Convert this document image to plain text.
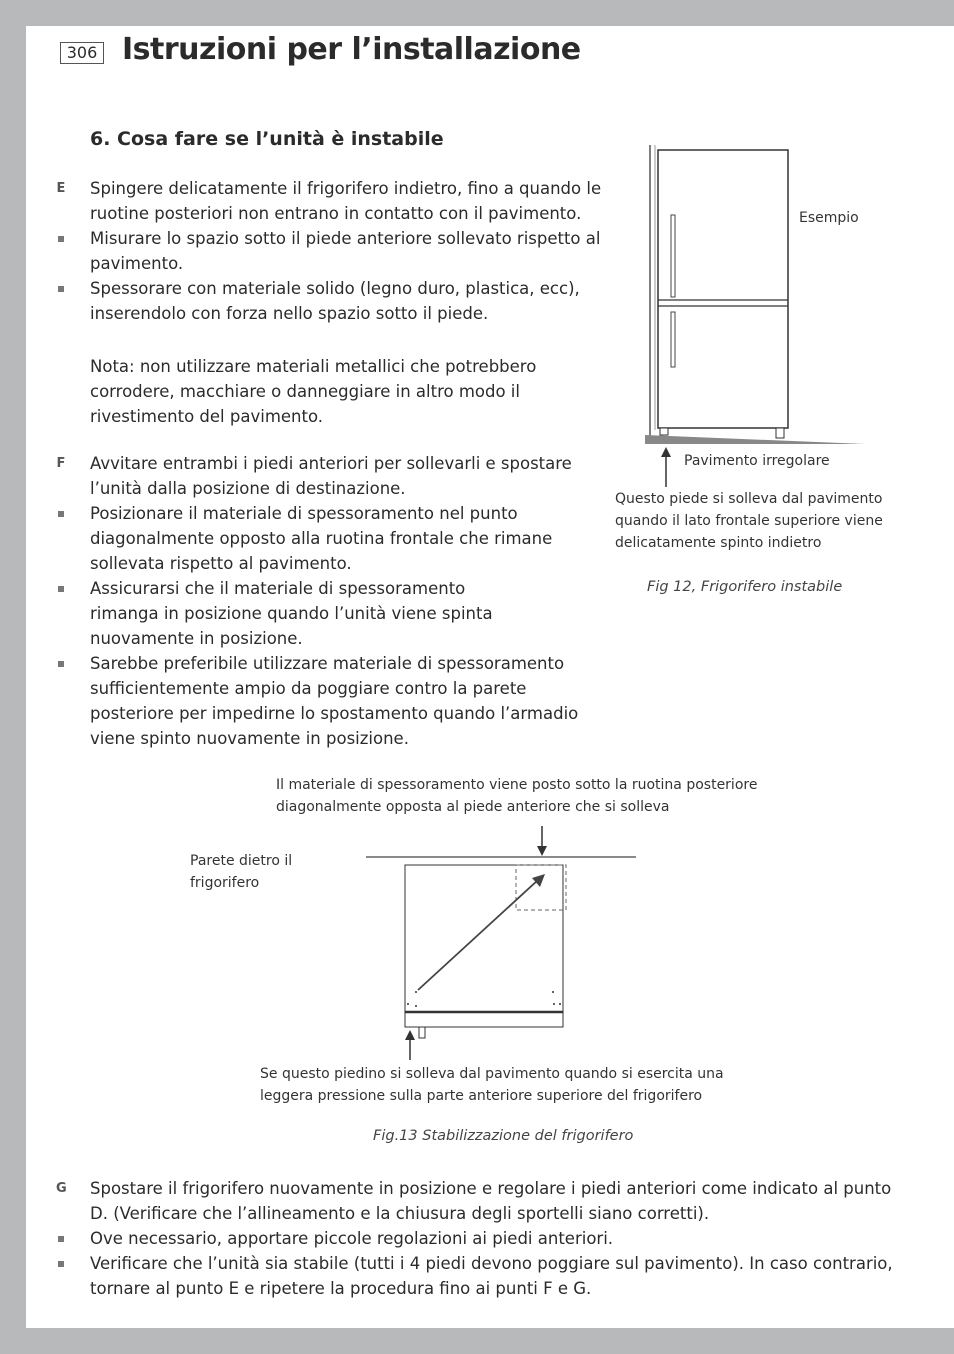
306 Istruzioni per l’installazione
6. Cosa fare se l’unità è instabile
E Spingere delicatamente il frigorifero indietro, fino a quando le ruotine posteriori non entrano in contatto con il pavimento.
Misurare lo spazio sotto il piede anteriore sollevato rispetto al pavimento.
Spessorare con materiale solido (legno duro, plastica, ecc), inserendolo con forza nello spazio sotto il piede.
Nota: non utilizzare materiali metallici che potrebbero corrodere, macchiare o danneggiare in altro modo il rivestimento del pavimento.
F Avvitare entrambi i piedi anteriori per sollevarli e spostare l’unità dalla posizione di destinazione.
Posizionare il materiale di spessoramento nel punto diagonalmente opposto alla ruotina frontale che rimane sollevata rispetto al pavimento.
Assicurarsi che il materiale di spessoramento rimanga in posizione quando l’unità viene spinta nuovamente in posizione.
Sarebbe preferibile utilizzare materiale di spessoramento sufficientemente ampio da poggiare contro la parete posteriore per impedirne lo spostamento quando l’armadio viene spinto nuovamente in posizione.
Esempio
Pavimento irregolare
Questo piede si solleva dal pavimento quando il lato frontale superiore viene delicatamente spinto indietro
Fig 12, Frigorifero instabile
Il materiale di spessoramento viene posto sotto la ruotina posteriore diagonalmente opposta al piede anteriore che si solleva
Parete dietro il frigorifero
Se questo piedino si solleva dal pavimento quando si esercita una leggera pressione sulla parte anteriore superiore del frigorifero
Fig.13 Stabilizzazione del frigorifero
G Spostare il frigorifero nuovamente in posizione e regolare i piedi anteriori come indicato al punto D. (Verificare che l’allineamento e la chiusura degli sportelli siano corretti).
Ove necessario, apportare piccole regolazioni ai piedi anteriori.
Verificare che l’unità sia stabile (tutti i 4 piedi devono poggiare sul pavimento). In caso contrario, tornare al punto E e ripetere la procedura fino ai punti F e G.
